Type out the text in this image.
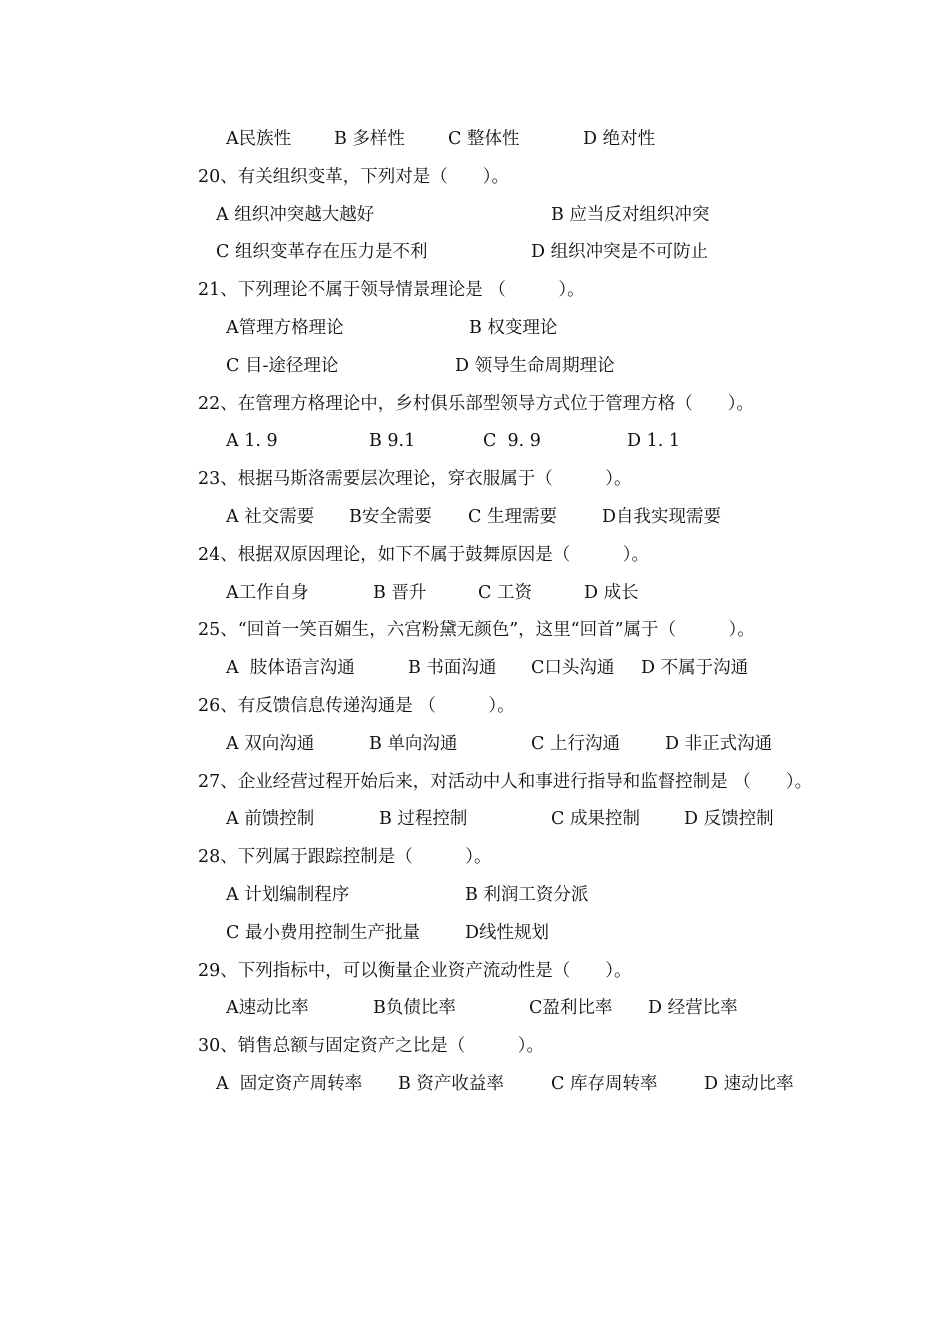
A民族性 B 多样性 C 整体性	D 绝对性
20、有关组织变革，下列对是（　　）。
A 组织冲突越大越好	B 应当反对组织冲突
C 组织变革存在压力是不利	D 组织冲突是不可防止
21、下列理论不属于领导情景理论是 （　　　）。
A管理方格理论	B 权变理论
C 目-途径理论	D 领导生命周期理论
22、在管理方格理论中，乡村俱乐部型领导方式位于管理方格（　　）。
A 1. 9	B 9.1	C  9. 9	D 1. 1
23、根据马斯洛需要层次理论，穿衣服属于（　　　）。
A 社交需要 B安全需要 C 生理需要	D自我实现需要
24、根据双原因理论，如下不属于鼓舞原因是（　　　）。
A工作自身	B 晋升	C 工资	D 成长
25、“回首一笑百媚生，六宫粉黛无颜色”，这里“回首”属于（　　　）。
A  肢体语言沟通	B 书面沟通 C口头沟通 D 不属于沟通
26、有反馈信息传递沟通是 （　　　）。
A 双向沟通	B 单向沟通	C 上行沟通	D 非正式沟通
27、企业经营过程开始后来，对活动中人和事进行指导和监督控制是 （　　）。
A 前馈控制	B 过程控制	C 成果控制	D 反馈控制
28、下列属于跟踪控制是（　　　）。
A 计划编制程序	B 利润工资分派
C 最小费用控制生产批量	D线性规划
29、下列指标中，可以衡量企业资产流动性是（　　）。
A速动比率	B负债比率	C盈利比率 D 经营比率
30、销售总额与固定资产之比是（　　　）。
A  固定资产周转率 B 资产收益率	C 库存周转率	D 速动比率
